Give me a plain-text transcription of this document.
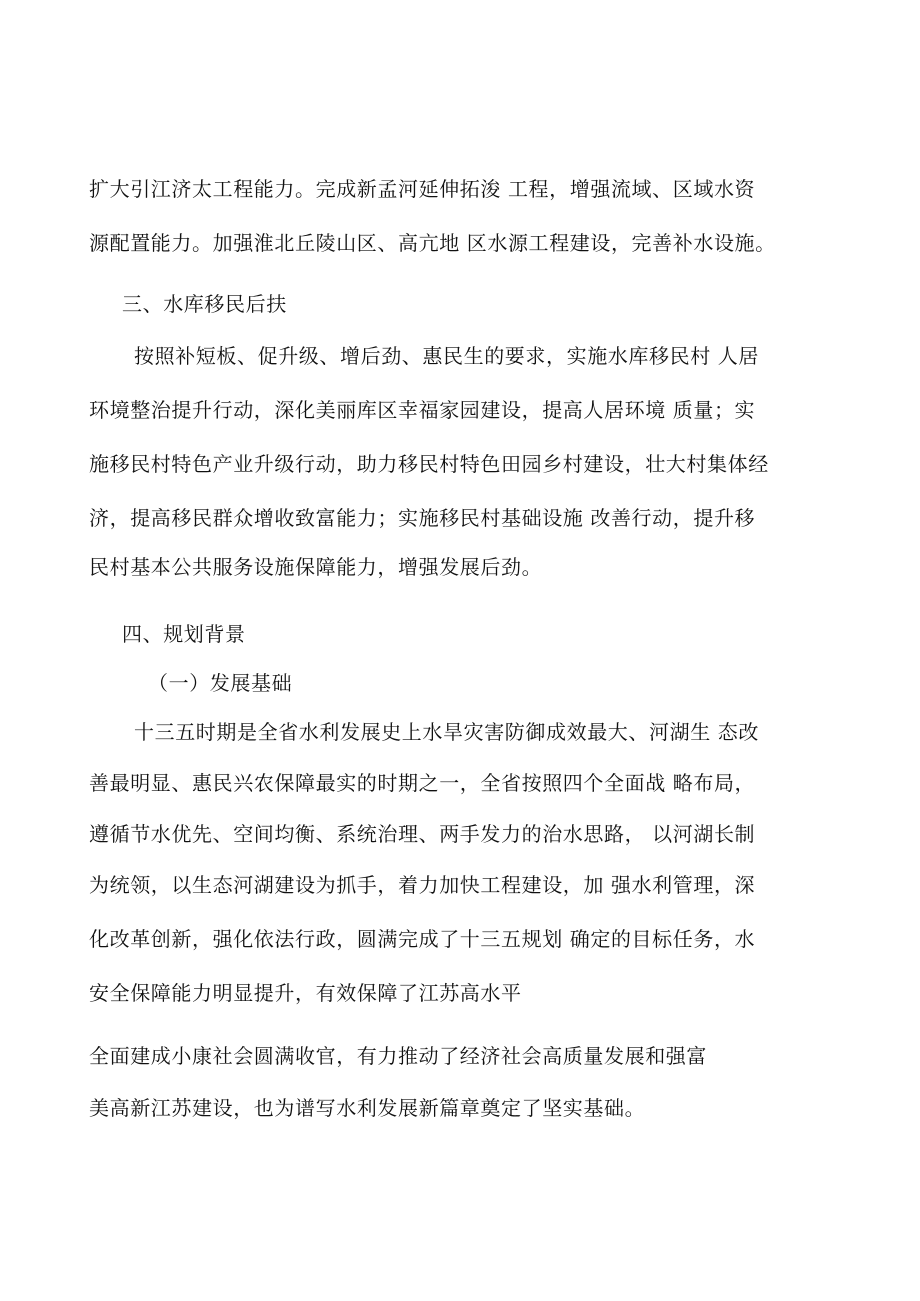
扩大引江济太工程能力。完成新孟河延伸拓浚 工程，增强流域、区域水资
源配置能力。加强淮北丘陵山区、高亢地 区水源工程建设，完善补水设施。
三、水库移民后扶
按照补短板、促升级、增后劲、惠民生的要求，实施水库移民村 人居
环境整治提升行动，深化美丽库区幸福家园建设，提高人居环境 质量；实
施移民村特色产业升级行动，助力移民村特色田园乡村建设，壮大村集体经
济，提高移民群众增收致富能力；实施移民村基础设施 改善行动，提升移
民村基本公共服务设施保障能力，增强发展后劲。
四、规划背景
（一）发展基础
十三五时期是全省水利发展史上水旱灾害防御成效最大、河湖生 态改
善最明显、惠民兴农保障最实的时期之一，全省按照四个全面战 略布局，
遵循节水优先、空间均衡、系统治理、两手发力的治水思路， 以河湖长制
为统领，以生态河湖建设为抓手，着力加快工程建设，加 强水利管理，深
化改革创新，强化依法行政，圆满完成了十三五规划 确定的目标任务，水
安全保障能力明显提升，有效保障了江苏高水平
全面建成小康社会圆满收官，有力推动了经济社会高质量发展和强富
美高新江苏建设，也为谱写水利发展新篇章奠定了坚实基础。
